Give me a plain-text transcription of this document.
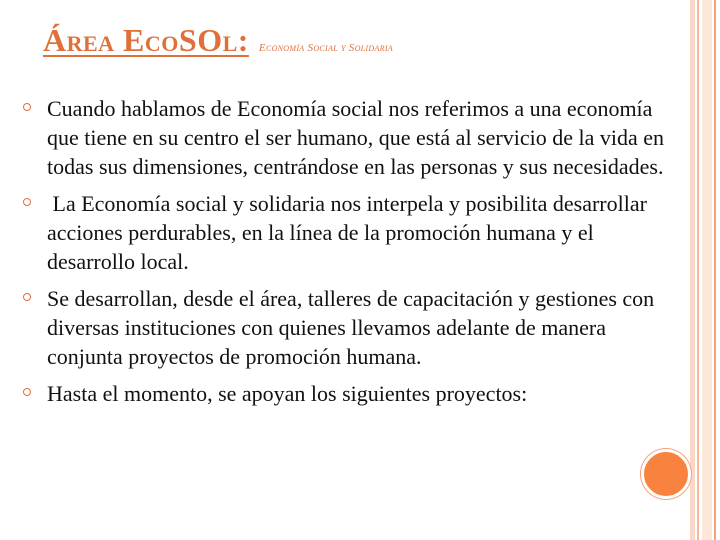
Área EcoSOl: Economía Social y Solidaria
Cuando hablamos de Economía social nos referimos a una economía que tiene en su centro el ser humano, que está al servicio de la vida en todas sus dimensiones, centrándose en las personas y sus necesidades.
La Economía social y solidaria nos interpela y posibilita desarrollar acciones perdurables, en la línea de la promoción humana y el desarrollo local.
Se desarrollan, desde el área, talleres de capacitación y gestiones con diversas instituciones con quienes llevamos adelante de manera conjunta proyectos de promoción humana.
Hasta el momento, se apoyan los siguientes proyectos:
